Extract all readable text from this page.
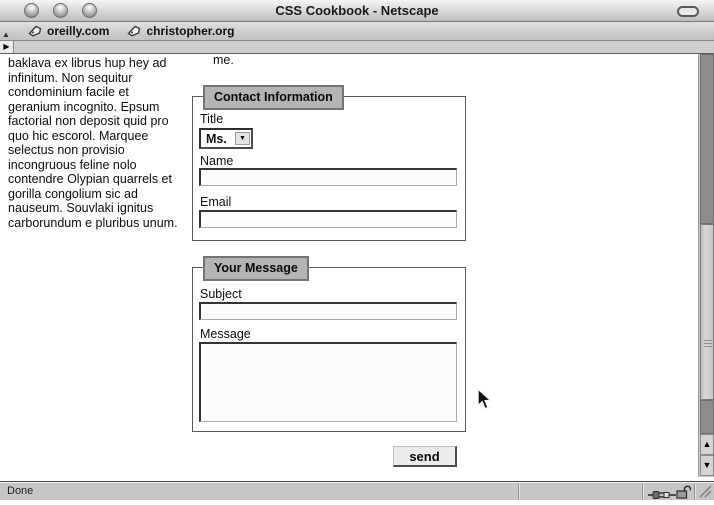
CSS Cookbook - Netscape
▲	oreilly.com	christopher.org
▶
baklava ex librus hup hey ad infinitum. Non sequitur condominium facile et geranium incognito. Epsum factorial non deposit quid pro quo hic escorol. Marquee selectus non provisio incongruous feline nolo contendre Olypian quarrels et gorilla congolium sic ad nauseum. Souvlaki ignitus carborundum e pluribus unum.
me.
Contact Information
Title
Ms.	▼
Name
Email
Your Message
Subject
Message
send
▲
▼
Done
